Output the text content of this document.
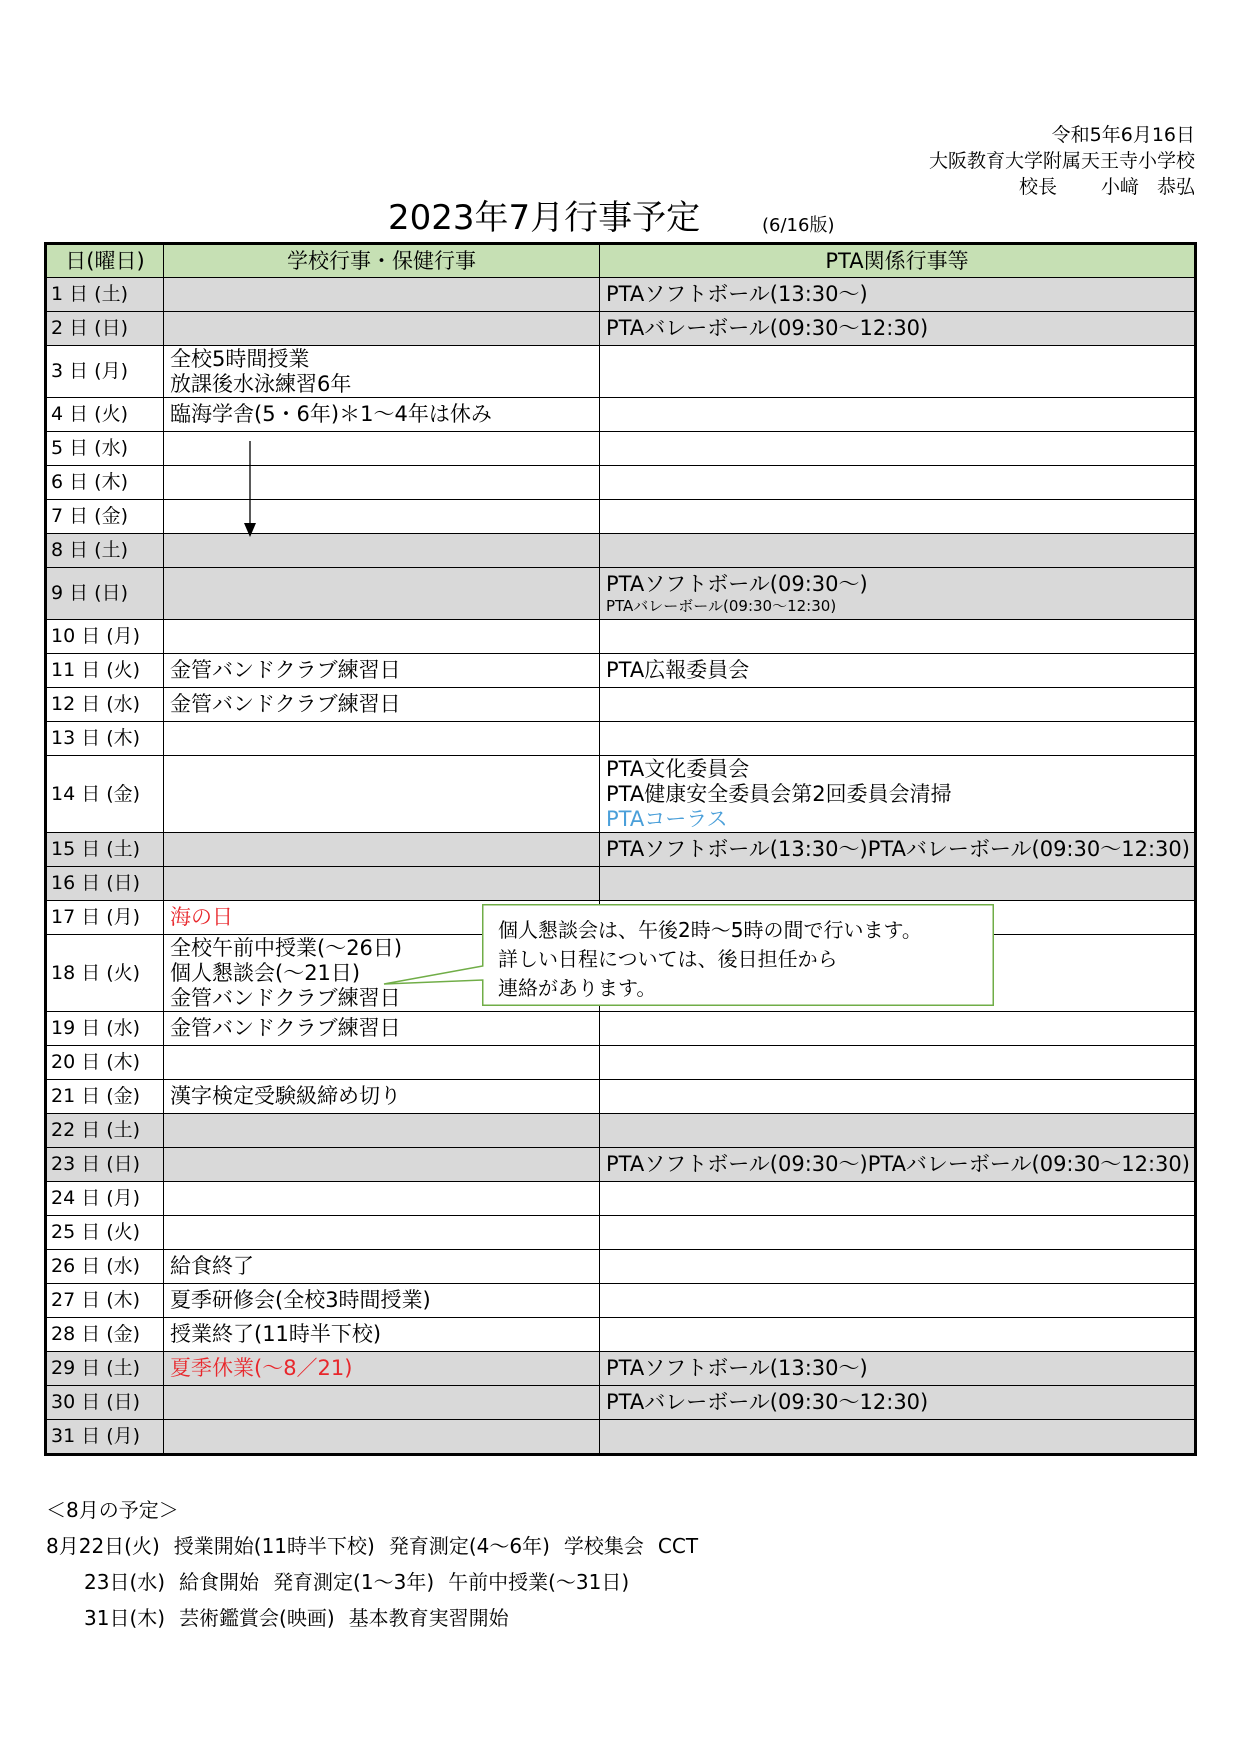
令和5年6月16日
大阪教育大学附属天王寺小学校
校長 小﨑 恭弘
2023年7月行事予定	(6/16版)
日(曜日)	学校行事・保健行事	PTA関係行事等
1 日 (土)		PTAソフトボール(13:30～)

2 日 (日)		PTAバレーボール(09:30～12:30)

3 日 (月)	全校5時間授業
放課後水泳練習6年	

4 日 (火)	臨海学舎(5・6年)＊1～4年は休み	

5 日 (水)		
6 日 (木)		
7 日 (金)		
8 日 (土)		
9 日 (日)		PTAソフトボール(09:30～)
PTAバレーボール(09:30～12:30)

10 日 (月)		
11 日 (火)	金管バンドクラブ練習日	PTA広報委員会

12 日 (水)	金管バンドクラブ練習日	

13 日 (木)		
14 日 (金)		PTA文化委員会
PTA健康安全委員会第2回委員会清掃
PTAコーラス

15 日 (土)		PTAソフトボール(13:30～)PTAバレーボール(09:30～12:30)

16 日 (日)		
17 日 (月)	海の日	

18 日 (火)	全校午前中授業(～26日)
個人懇談会(～21日)
金管バンドクラブ練習日	

19 日 (水)	金管バンドクラブ練習日	

20 日 (木)		
21 日 (金)	漢字検定受験級締め切り	

22 日 (土)		
23 日 (日)		PTAソフトボール(09:30～)PTAバレーボール(09:30～12:30)

24 日 (月)		
25 日 (火)		
26 日 (水)	給食終了	

27 日 (木)	夏季研修会(全校3時間授業)	

28 日 (金)	授業終了(11時半下校)	

29 日 (土)	夏季休業(～8／21)	PTAソフトボール(13:30～)

30 日 (日)		PTAバレーボール(09:30～12:30)

31 日 (月)		
個人懇談会は、午後2時～5時の間で行います。
詳しい日程については、後日担任から
連絡があります。
＜8月の予定＞
8月22日(火) 授業開始(11時半下校) 発育測定(4～6年) 学校集会 CCT
23日(水) 給食開始 発育測定(1～3年) 午前中授業(～31日)
31日(木) 芸術鑑賞会(映画) 基本教育実習開始
